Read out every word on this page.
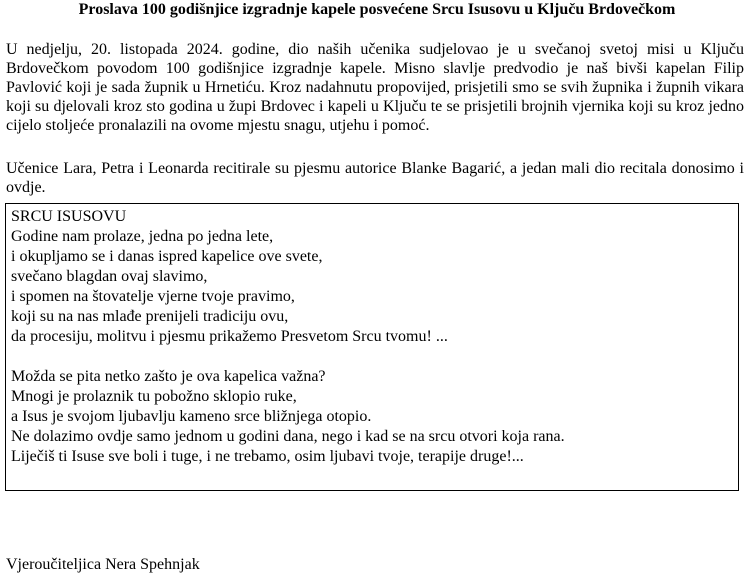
Proslava 100 godišnjice izgradnje kapele posvećene Srcu Isusovu u Ključu Brdovečkom

U nedjelju, 20. listopada 2024. godine, dio naših učenika sudjelovao je u svečanoj svetoj misi u Ključu Brdovečkom povodom 100 godišnjice izgradnje kapele. Misno slavlje predvodio je naš bivši kapelan Filip Pavlović koji je sada župnik u Hrnetiću. Kroz nadahnutu propovijed, prisjetili smo se svih župnika i župnih vikara koji su djelovali kroz sto godina u župi Brdovec i kapeli u Ključu te se prisjetili brojnih vjernika koji su kroz jedno cijelo stoljeće pronalazili na ovome mjestu snagu, utjehu i pomoć.

Učenice Lara, Petra i Leonarda recitirale su pjesmu autorice Blanke Bagarić, a jedan mali dio recitala donosimo i ovdje.

SRCU ISUSOVU
Godine nam prolaze, jedna po jedna lete,
i okupljamo se i danas ispred kapelice ove svete,
svečano blagdan ovaj slavimo,
i spomen na štovatelje vjerne tvoje pravimo,
koji su na nas mlađe prenijeli tradiciju ovu,
da procesiju, molitvu i pjesmu prikažemo Presvetom Srcu tvomu! ...
Možda se pita netko zašto je ova kapelica važna?
Mnogi je prolaznik tu pobožno sklopio ruke,
a Isus je svojom ljubavlju kameno srce bližnjega otopio.
Ne dolazimo ovdje samo jednom u godini dana, nego i kad se na srcu otvori koja rana.
Liječiš ti Isuse sve boli i tuge, i ne trebamo, osim ljubavi tvoje, terapije druge!...
Vjeroučiteljica Nera Spehnjak
